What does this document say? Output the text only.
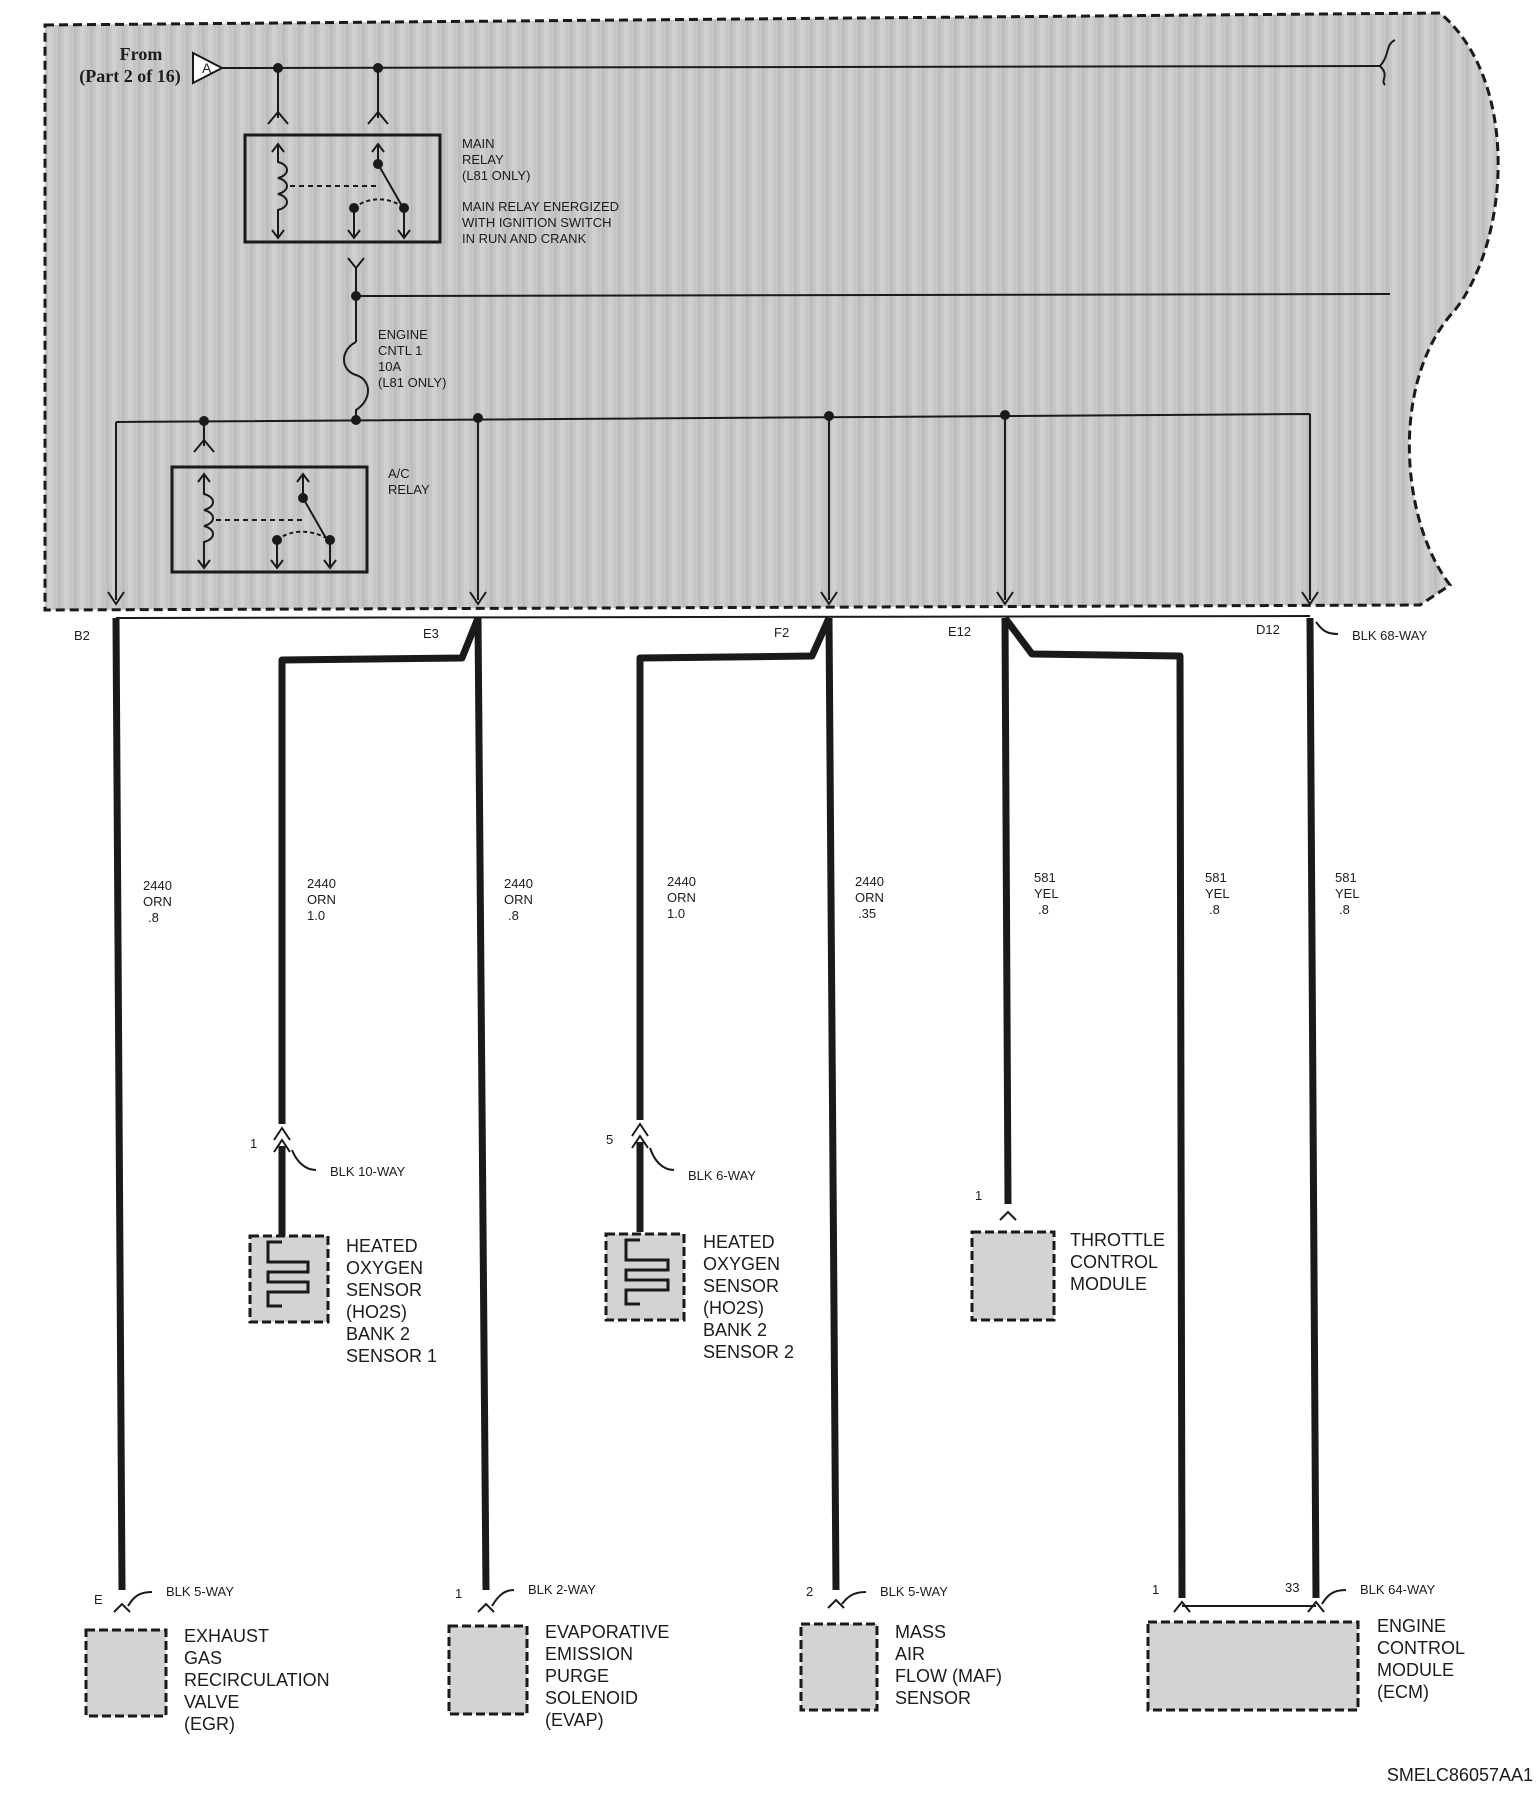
From
(Part 2 of 16) A
MAIN
RELAY
(L81 ONLY)
MAIN RELAY ENERGIZED
WITH IGNITION SWITCH
IN RUN AND CRANK
ENGINE
CNTL 1
10A
(L81 ONLY)
A/C
RELAY
B2	E3	F2	E12	D12	BLK 68-WAY
2440
ORN
.8
2440
ORN
1.0
2440
ORN
.8
2440
ORN
1.0
2440
ORN
.35
581
YEL
.8
581
YEL
.8
581
YEL
.8
1
BLK 10-WAY
HEATED
OXYGEN
SENSOR
(HO2S)
BANK 2
SENSOR 1
5
BLK 6-WAY
HEATED
OXYGEN
SENSOR
(HO2S)
BANK 2
SENSOR 2
1
THROTTLE
CONTROL
MODULE
E
BLK 5-WAY
EXHAUST
GAS
RECIRCULATION
VALVE
(EGR)
1	BLK 2-WAY
EVAPORATIVE
EMISSION
PURGE
SOLENOID
(EVAP)
2	BLK 5-WAY
MASS
AIR
FLOW (MAF)
SENSOR
1	33	BLK 64-WAY
ENGINE
CONTROL
MODULE
(ECM)
SMELC86057AA1
